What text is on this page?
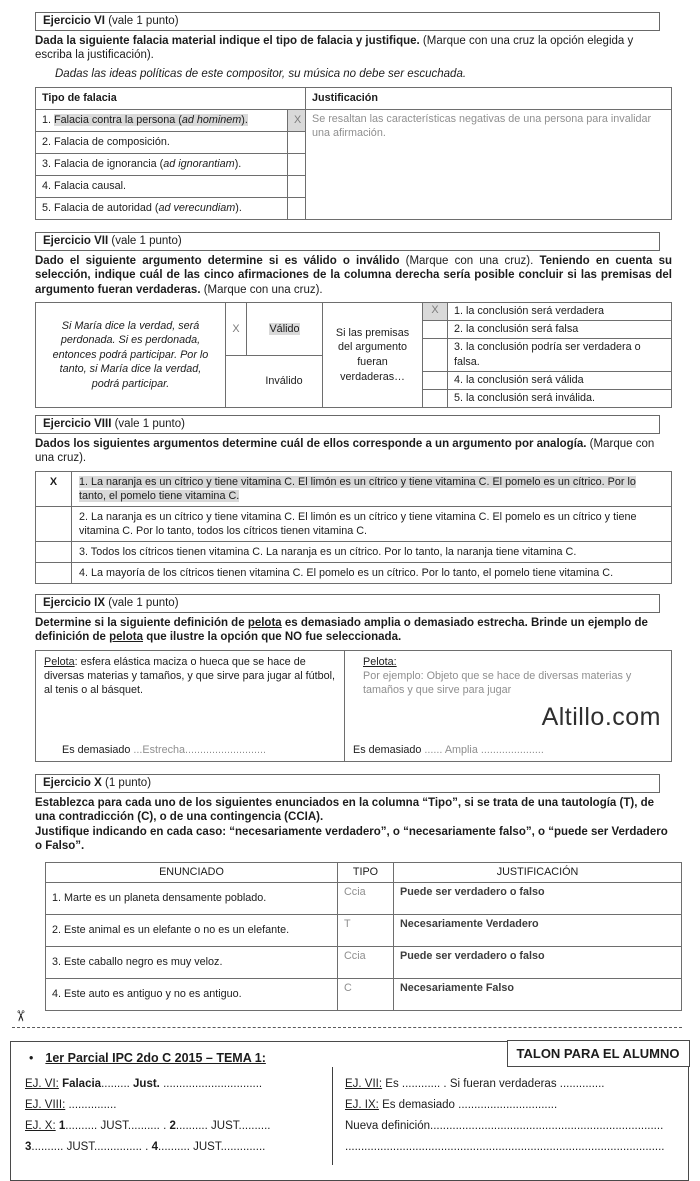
Ejercicio VI (vale 1 punto)

Dada la siguiente falacia material indique el tipo de falacia y justifique. (Marque con una cruz la opción elegida y escriba la justificación).

Dadas las ideas políticas de este compositor, su música no debe ser escuchada.

Tipo de falacia		Justificación
1. Falacia contra la persona (ad hominem).	X	Se resaltan las características negativas de una persona para invalidar una afirmación.
2. Falacia de composición.		
3. Falacia de ignorancia (ad ignorantiam).		
4. Falacia causal.		
5. Falacia de autoridad (ad verecundiam).		
Ejercicio VII (vale 1 punto)

Dado el siguiente argumento determine si es válido o inválido (Marque con una cruz). Teniendo en cuenta su selección, indique cuál de las cinco afirmaciones de la columna derecha sería posible concluir si las premisas del argumento fueran verdaderas. (Marque con una cruz).

Si María dice la verdad, será perdonada. Si es perdonada, entonces podrá participar. Por lo tanto, si María dice la verdad, podrá participar.
X	Válido
Inválido
Si las premisas del argumento fueran verdaderas…
X	1. la conclusión será verdadera
2. la conclusión será falsa
3. la conclusión podría ser verdadera o falsa.
4. la conclusión será válida
5. la conclusión será inválida.
Ejercicio VIII (vale 1 punto)

Dados los siguientes argumentos determine cuál de ellos corresponde a un argumento por analogía. (Marque con una cruz).

X	1. La naranja es un cítrico y tiene vitamina C. El limón es un cítrico y tiene vitamina C. El pomelo es un cítrico. Por lo tanto, el pomelo tiene vitamina C.
	2. La naranja es un cítrico y tiene vitamina C. El limón es un cítrico y tiene vitamina C. El pomelo es un cítrico y tiene vitamina C. Por lo tanto, todos los cítricos tienen vitamina C.
	3. Todos los cítricos tienen vitamina C. La naranja es un cítrico. Por lo tanto, la naranja tiene vitamina C.
	4. La mayoría de los cítricos tienen vitamina C. El pomelo es un cítrico. Por lo tanto, el pomelo tiene vitamina C.
Ejercicio IX (vale 1 punto)

Determine si la siguiente definición de pelota es demasiado amplia o demasiado estrecha. Brinde un ejemplo de definición de pelota que ilustre la opción que NO fue seleccionada.

Pelota: esfera elástica maciza o hueca que se hace de diversas materias y tamaños, y que sirve para jugar al fútbol, al tenis o al básquet.
Es demasiado ...Estrecha...........................

Pelota:
Por ejemplo: Objeto que se hace de diversas materias y tamaños y que sirve para jugar
Altillo.com
Es demasiado ...... Amplia .....................
Ejercicio X (1 punto)

Establezca para cada uno de los siguientes enunciados en la columna “Tipo”, si se trata de una tautología (T), de una contradicción (C), o de una contingencia (CCIA).
Justifique indicando en cada caso: “necesariamente verdadero”, o “necesariamente falso”, o “puede ser Verdadero o Falso”.

ENUNCIADO	TIPO	JUSTIFICACIÓN
1. Marte es un planeta densamente poblado.	Ccia	Puede ser verdadero o falso
2. Este animal es un elefante o no es un elefante.	T	Necesariamente Verdadero
3. Este caballo negro es muy veloz.	Ccia	Puede ser verdadero o falso
4. Este auto es antiguo y no es antiguo.	C	Necesariamente Falso
✂
TALON PARA EL ALUMNO
• 1er Parcial IPC 2do C 2015 – TEMA 1:
EJ. VI: Falacia......... Just. ...............................
EJ. VIII: ...............
EJ. X: 1.......... JUST.......... . 2.......... JUST..........
3.......... JUST............... . 4.......... JUST..............
EJ. VII: Es ............ . Si fueran verdaderas ..............
EJ. IX: Es demasiado ...............................
Nueva definición.........................................................................
....................................................................................................
